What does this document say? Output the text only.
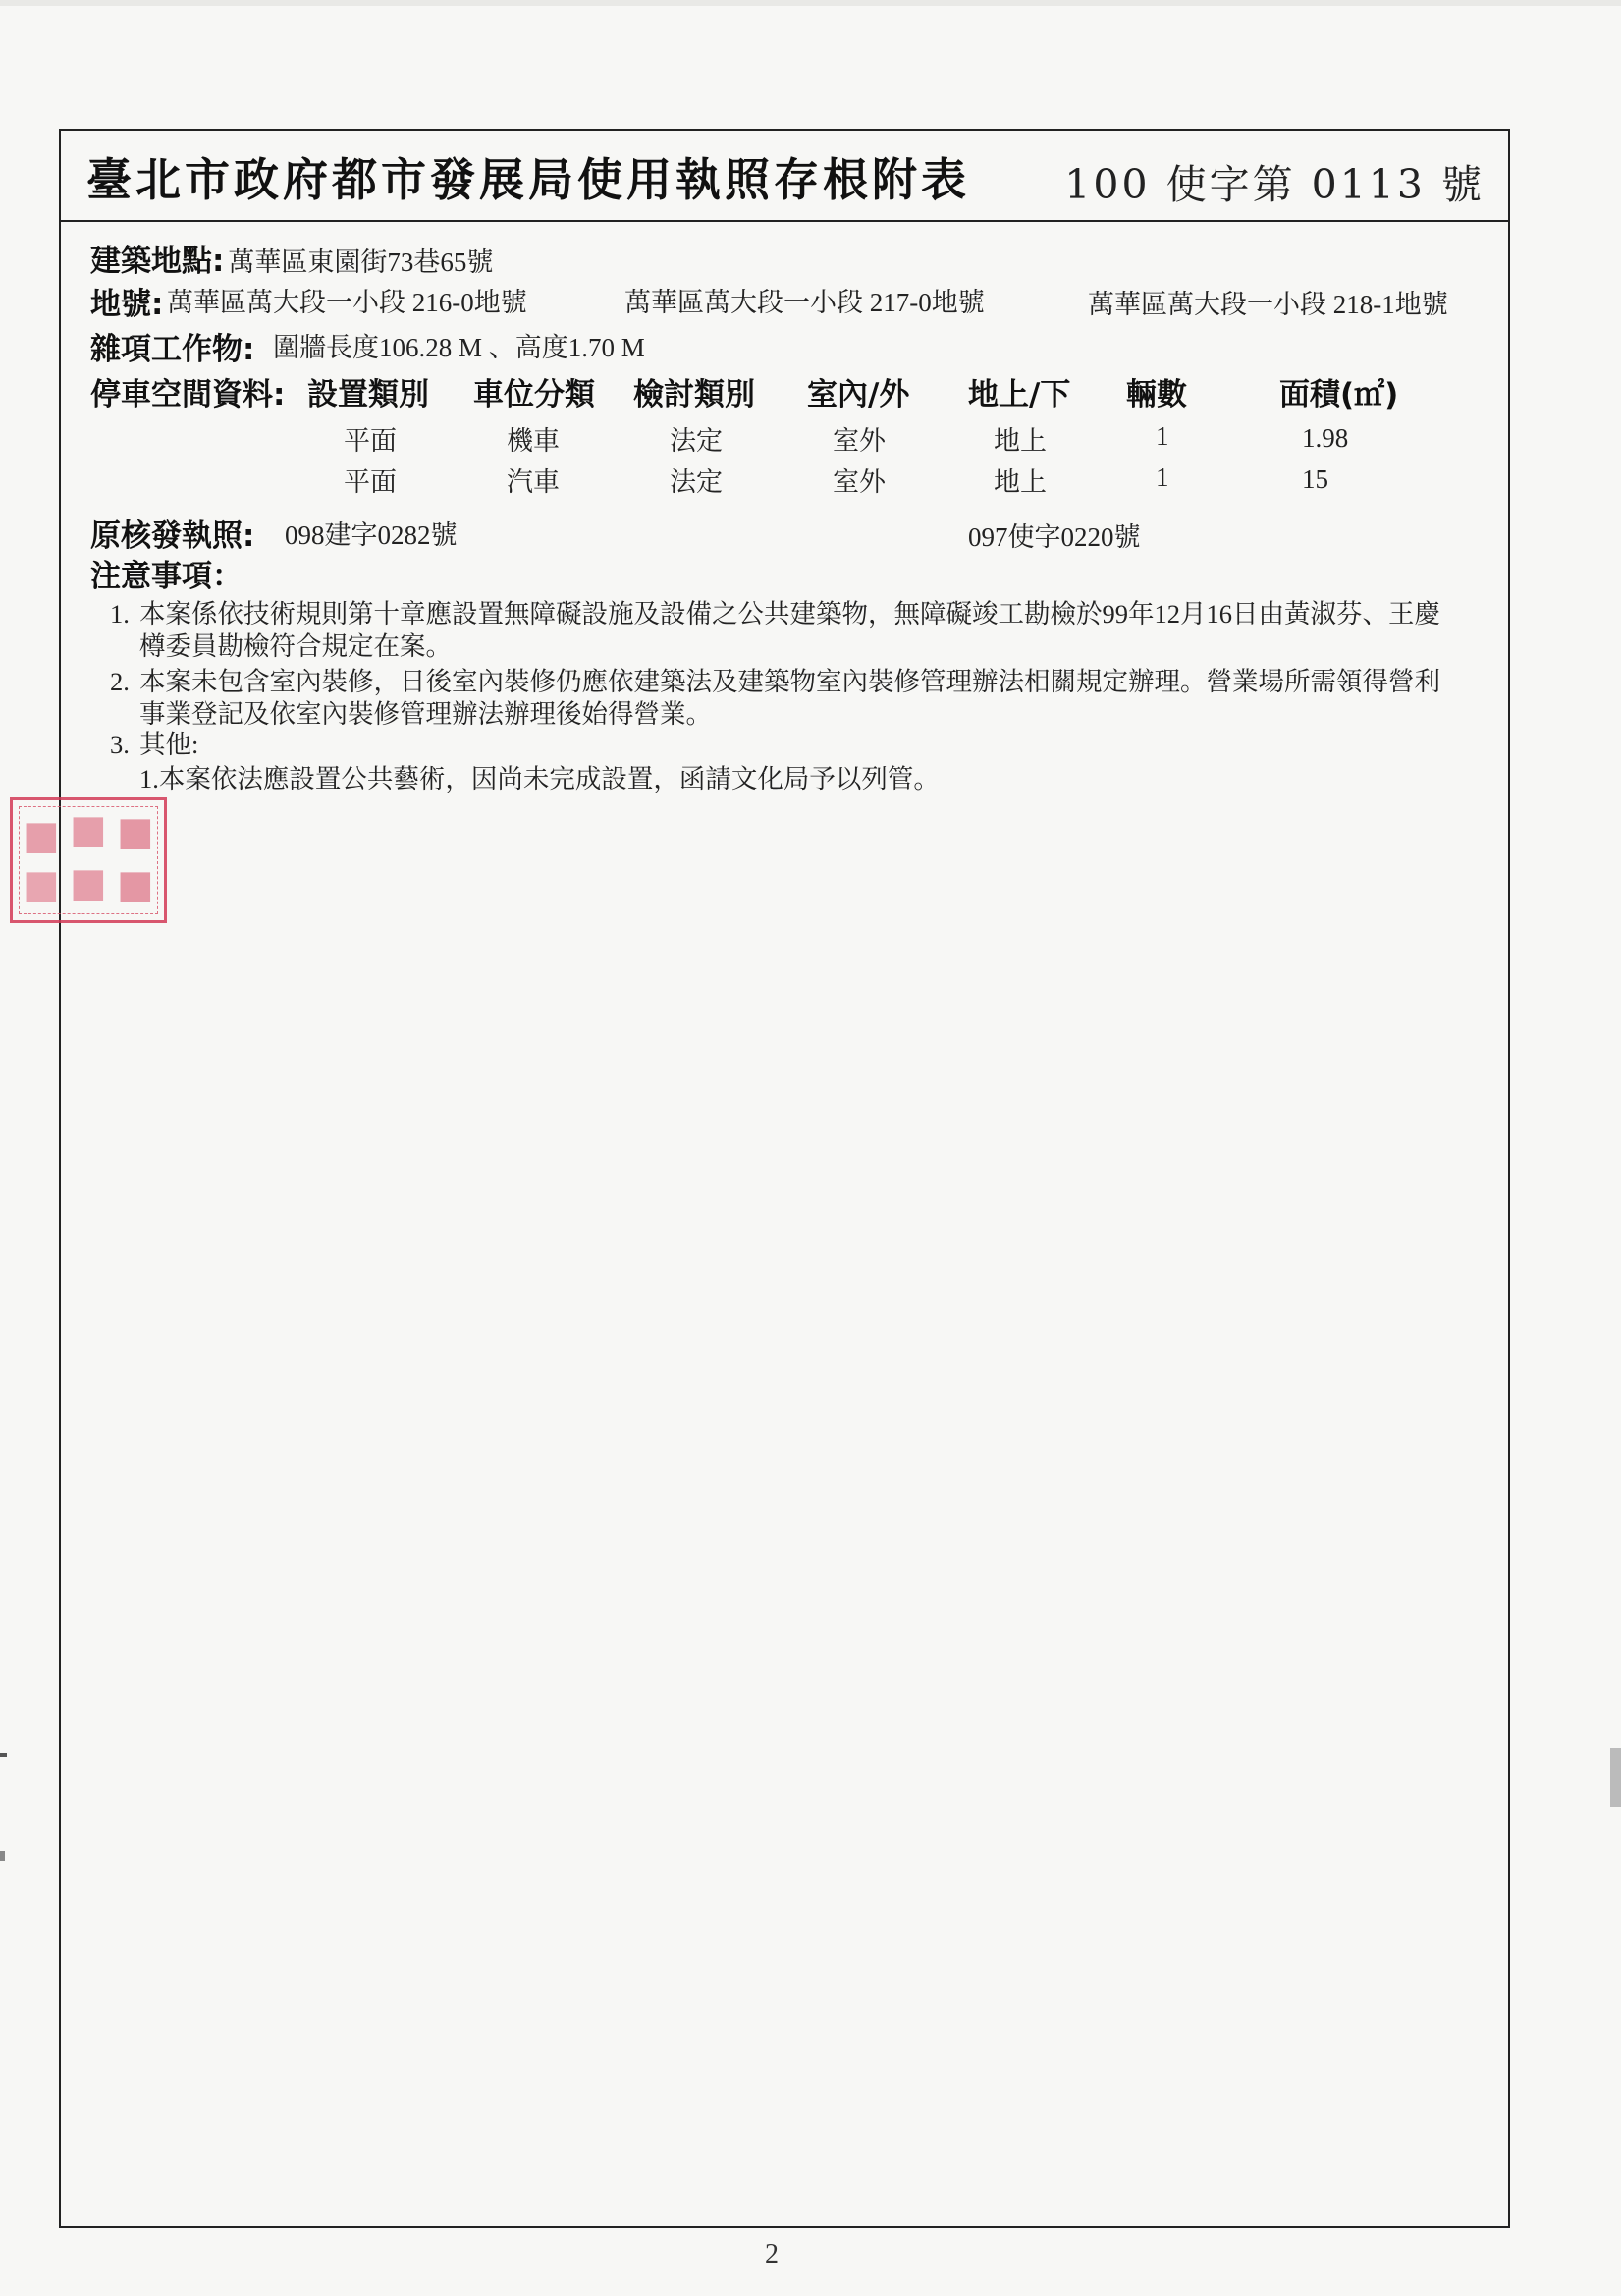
臺北市政府都市發展局使用執照存根附表 100 使字第 0113 號
建築地點: 萬華區東園街73巷65號
地號: 萬華區萬大段一小段 216-0地號	萬華區萬大段一小段 217-0地號	萬華區萬大段一小段 218-1地號
雜項工作物: 圍牆長度106.28 M 、高度1.70 M
停車空間資料: 設置類別 車位分類 檢討類別 室內/外 地上/下 輛數	面積(㎡)
平面	機車	法定	室外	地上	1	1.98
平面	汽車	法定	室外	地上	1	15
原核發執照: 098建字0282號	097使字0220號
注意事項：
1. 本案係依技術規則第十章應設置無障礙設施及設備之公共建築物，無障礙竣工勘檢於99年12月16日由黃淑芬、王慶
樽委員勘檢符合規定在案。
2. 本案未包含室內裝修，日後室內裝修仍應依建築法及建築物室內裝修管理辦法相關規定辦理。營業場所需領得營利
事業登記及依室內裝修管理辦法辦理後始得營業。
3. 其他:
1.本案依法應設置公共藝術，因尚未完成設置，函請文化局予以列管。
■ ■ ■
■ ■ ■
2
